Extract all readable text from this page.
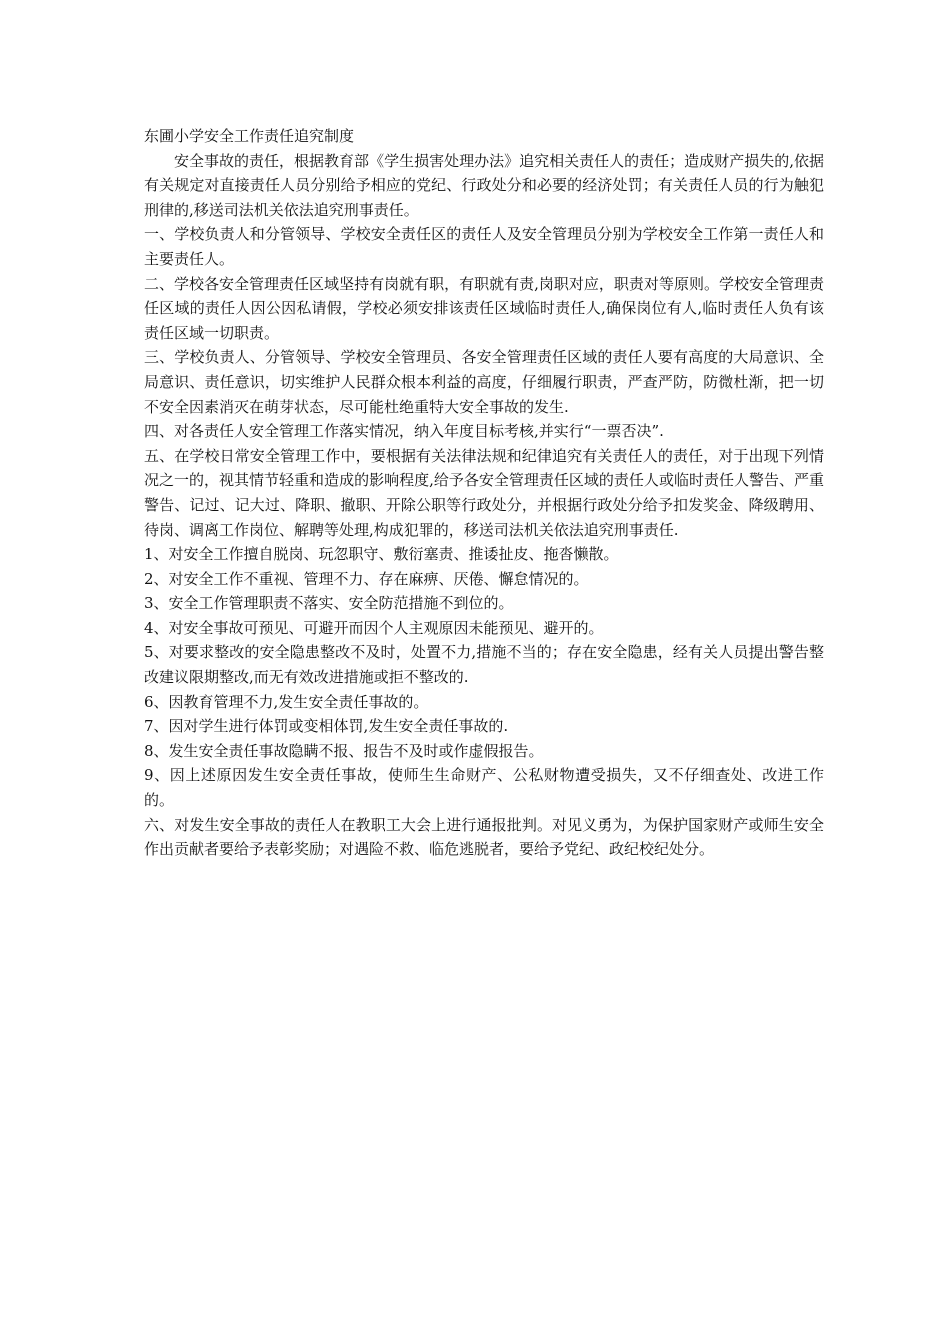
东圃小学安全工作责任追究制度

安全事故的责任，根据教育部《学生损害处理办法》追究相关责任人的责任；造成财产损失的,依据有关规定对直接责任人员分别给予相应的党纪、行政处分和必要的经济处罚；有关责任人员的行为触犯刑律的,移送司法机关依法追究刑事责任。

一、学校负责人和分管领导、学校安全责任区的责任人及安全管理员分别为学校安全工作第一责任人和主要责任人。

二、学校各安全管理责任区域坚持有岗就有职，有职就有责,岗职对应，职责对等原则。学校安全管理责任区域的责任人因公因私请假，学校必须安排该责任区域临时责任人,确保岗位有人,临时责任人负有该责任区域一切职责。

三、学校负责人、分管领导、学校安全管理员、各安全管理责任区域的责任人要有高度的大局意识、全局意识、责任意识，切实维护人民群众根本利益的高度，仔细履行职责，严查严防，防微杜渐，把一切不安全因素消灭在萌芽状态，尽可能杜绝重特大安全事故的发生.

四、对各责任人安全管理工作落实情况，纳入年度目标考核,并实行“一票否决”.

五、在学校日常安全管理工作中，要根据有关法律法规和纪律追究有关责任人的责任，对于出现下列情况之一的，视其情节轻重和造成的影响程度,给予各安全管理责任区域的责任人或临时责任人警告、严重警告、记过、记大过、降职、撤职、开除公职等行政处分，并根据行政处分给予扣发奖金、降级聘用、待岗、调离工作岗位、解聘等处理,构成犯罪的，移送司法机关依法追究刑事责任.

1、对安全工作擅自脱岗、玩忽职守、敷衍塞责、推诿扯皮、拖沓懒散。

2、对安全工作不重视、管理不力、存在麻痹、厌倦、懈怠情况的。

3、安全工作管理职责不落实、安全防范措施不到位的。

4、对安全事故可预见、可避开而因个人主观原因未能预见、避开的。

5、对要求整改的安全隐患整改不及时，处置不力,措施不当的；存在安全隐患，经有关人员提出警告整改建议限期整改,而无有效改进措施或拒不整改的.

6、因教育管理不力,发生安全责任事故的。

7、因对学生进行体罚或变相体罚,发生安全责任事故的.

8、发生安全责任事故隐瞒不报、报告不及时或作虚假报告。

9、因上述原因发生安全责任事故，使师生生命财产、公私财物遭受损失，又不仔细查处、改进工作的。

六、对发生安全事故的责任人在教职工大会上进行通报批判。对见义勇为，为保护国家财产或师生安全作出贡献者要给予表彰奖励；对遇险不救、临危逃脱者，要给予党纪、政纪校纪处分。
